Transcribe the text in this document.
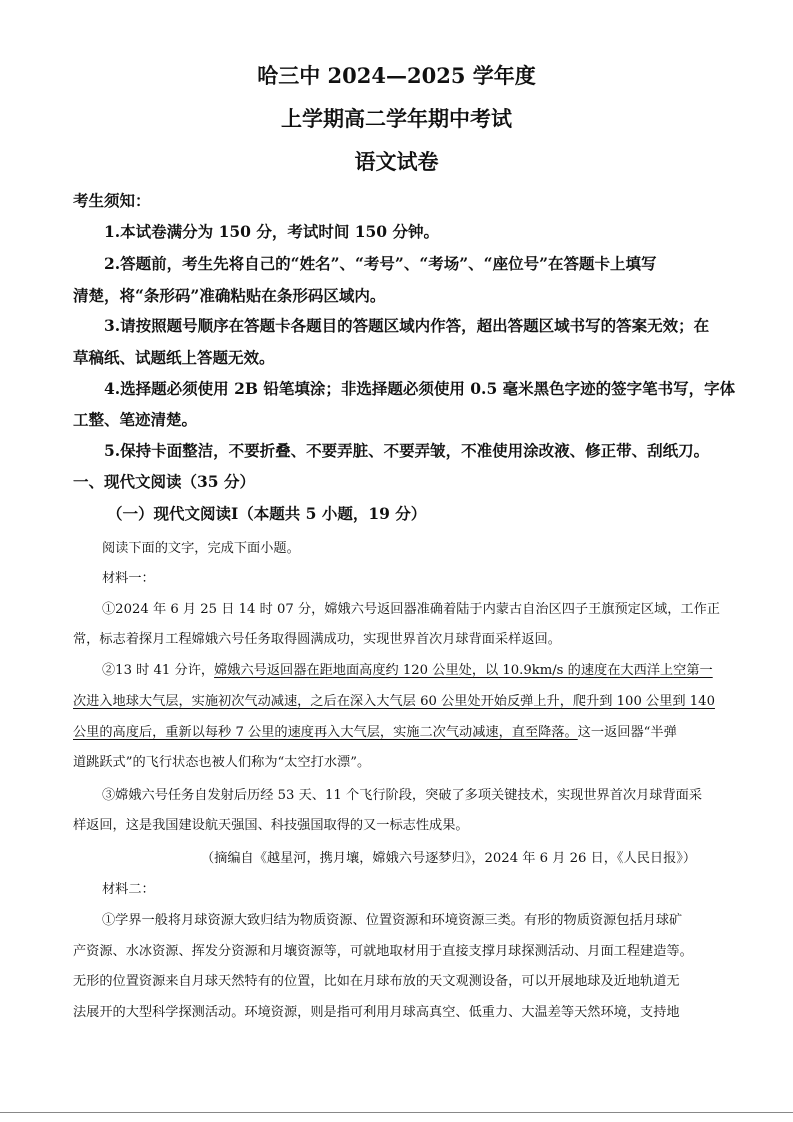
哈三中 2024—2025 学年度
上学期高二学年期中考试
语文试卷
考生须知：
1.本试卷满分为 150 分，考试时间 150 分钟。
2.答题前，考生先将自己的“姓名”、“考号”、“考场”、“座位号”在答题卡上填写
清楚，将“条形码”准确粘贴在条形码区域内。
3.请按照题号顺序在答题卡各题目的答题区域内作答，超出答题区域书写的答案无效；在
草稿纸、试题纸上答题无效。
4.选择题必须使用 2B 铅笔填涂；非选择题必须使用 0.5 毫米黑色字迹的签字笔书写，字体
工整、笔迹清楚。
5.保持卡面整洁，不要折叠、不要弄脏、不要弄皱，不准使用涂改液、修正带、刮纸刀。
一、现代文阅读（35 分）
（一）现代文阅读Ⅰ（本题共 5 小题，19 分）
阅读下面的文字，完成下面小题。
材料一：
①2024 年 6 月 25 日 14 时 07 分，嫦娥六号返回器准确着陆于内蒙古自治区四子王旗预定区域，工作正
常，标志着探月工程嫦娥六号任务取得圆满成功，实现世界首次月球背面采样返回。
②13 时 41 分许，嫦娥六号返回器在距地面高度约 120 公里处，以 10.9km/s 的速度在大西洋上空第一
次进入地球大气层，实施初次气动减速，之后在深入大气层 60 公里处开始反弹上升，爬升到 100 公里到 140
公里的高度后，重新以每秒 7 公里的速度再入大气层，实施二次气动减速，直至降落。这一返回器“半弹
道跳跃式”的飞行状态也被人们称为“太空打水漂”。
③嫦娥六号任务自发射后历经 53 天、11 个飞行阶段，突破了多项关键技术，实现世界首次月球背面采
样返回，这是我国建设航天强国、科技强国取得的又一标志性成果。
（摘编自《越星河，携月壤，嫦娥六号逐梦归》，2024 年 6 月 26 日，《人民日报》）
材料二：
①学界一般将月球资源大致归结为物质资源、位置资源和环境资源三类。有形的物质资源包括月球矿
产资源、水冰资源、挥发分资源和月壤资源等，可就地取材用于直接支撑月球探测活动、月面工程建造等。
无形的位置资源来自月球天然特有的位置，比如在月球布放的天文观测设备，可以开展地球及近地轨道无
法展开的大型科学探测活动。环境资源，则是指可利用月球高真空、低重力、大温差等天然环境，支持地
